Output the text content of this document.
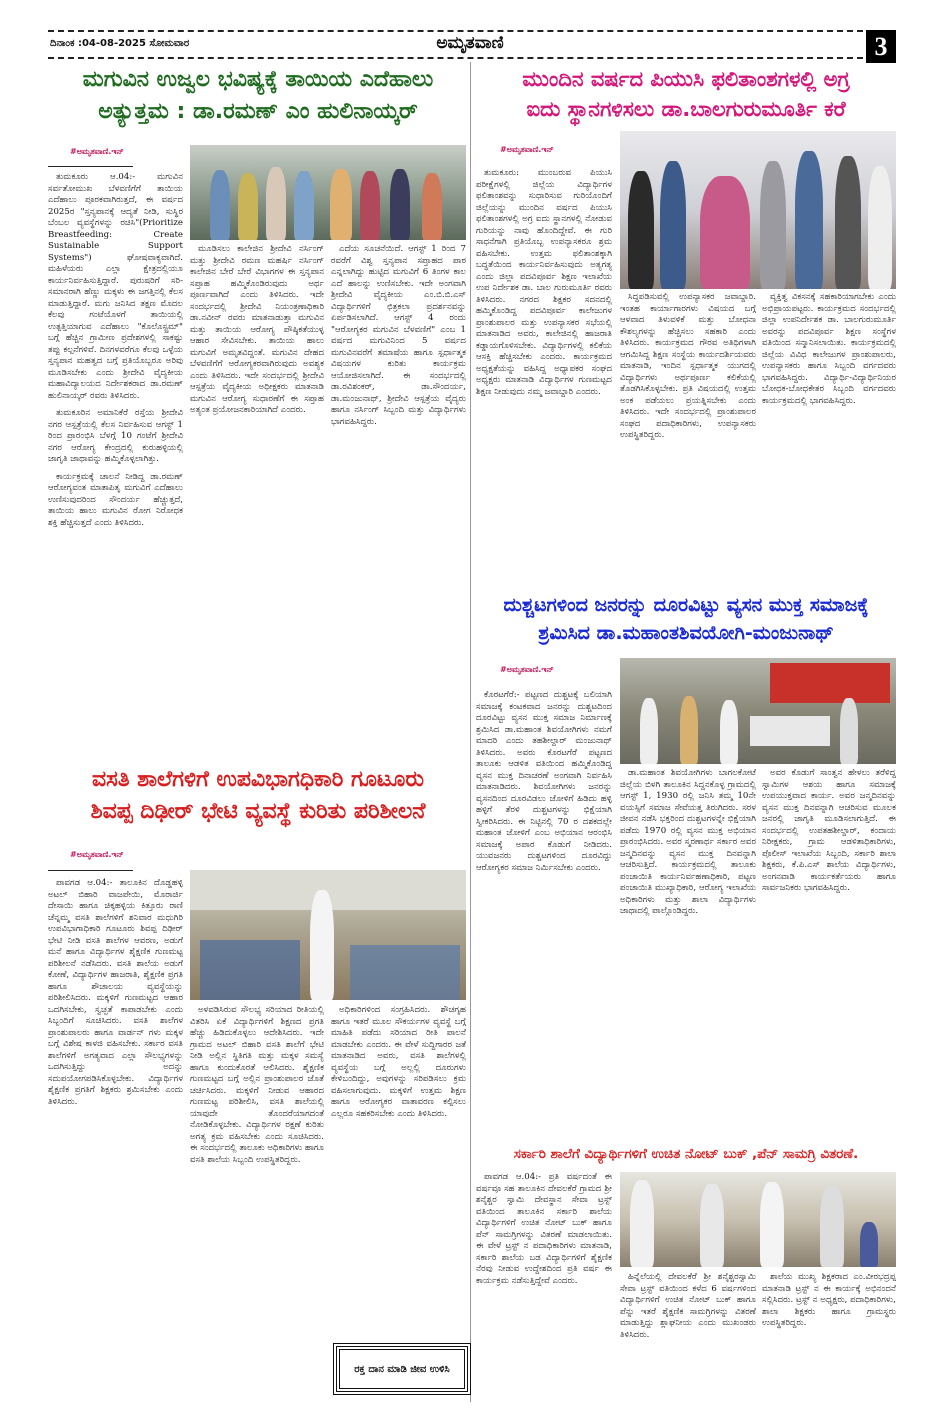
ದಿನಾಂಕ :04-08-2025 ಸೋಮವಾರ	ಅಮೃತವಾಣಿ	3
ಮಗುವಿನ ಉಜ್ವಲ ಭವಿಷ್ಯಕ್ಕೆ ತಾಯಿಯ ಎದೆಹಾಲು
ಅತ್ಯುತ್ತಮ : ಡಾ.ರಮಣ್ ಎಂ ಹುಲಿನಾಯ್ಕರ್
#ಅಮೃತವಾಣಿ.ಇನ್

ತುಮಕೂರು ಆ.04:- ಮಗುವಿನ ಸರ್ವತೋಮುಖ ಬೆಳವಣಿಗೆಗೆ ತಾಯಿಯ ಎದೆಹಾಲು ಪೂರಕವಾಗಿರುತ್ತದೆ, ಈ ವರ್ಷದ 2025ರ "ಸ್ತನ್ಯಪಾನಕ್ಕೆ ಆದ್ಯತೆ ನೀಡಿ, ಸುಸ್ಥಿರ ಬೆಂಬಲ ವ್ಯವಸ್ಥೆಗಳನ್ನು ರಚಿಸಿ"(Prioritize Breastfeeding: Create Sustainable Support Systems") ಘೋಷವಾಕ್ಯವಾಗಿದೆ. ಮಹಿಳೆಯರು ಎಲ್ಲಾ ಕ್ಷೇತ್ರದಲ್ಲಿಯೂ ಕಾರ್ಯನಿರ್ವಹಿಸುತ್ತಿದ್ದಾರೆ. ಪುರುಷರಿಗೆ ಸರಿ-ಸಮಾನರಾಗಿ ಹೆಣ್ಣು ಮಕ್ಕಳು ಈ ಜಗತ್ತಿನಲ್ಲಿ ಕೆಲಸ ಮಾಡುತ್ತಿದ್ದಾರೆ. ಮಗು ಜನಿಸಿದ ತಕ್ಷಣ ಮೊದಲ ಕೆಲವು ಗಂಟೆಯೊಳಗೆ ತಾಯಿಯಲ್ಲಿ ಉತ್ಪತ್ತಿಯಾಗುವ ಎದೆಹಾಲು "ಕೊಲೊಸ್ಟ್ರಮ್" ಬಗ್ಗೆ ಹೆಚ್ಚಿನ ಗ್ರಾಮೀಣ ಪ್ರದೇಶಗಳಲ್ಲಿ ಸಾಕಷ್ಟು ತಪ್ಪು ಕಲ್ಪನೆಗಳಿವೆ. ದಿನಗಳವರೆಗೂ ಕೆಲವು ಒಳ್ಳೆಯ ಸ್ತನ್ಯಪಾನ ಮಹತ್ವದ ಬಗ್ಗೆ ಪ್ರತಿಯೊಬ್ಬರೂ ಅರಿವು ಮೂಡಿಸಬೇಕು ಎಂದು ಶ್ರೀದೇವಿ ವೈದ್ಯಕೀಯ ಮಹಾವಿದ್ಯಾಲಯದ ನಿರ್ದೇಶಕರಾದ ಡಾ.ರಮಣ್ ಹುಲಿನಾಯ್ಕರ್ ರವರು ತಿಳಿಸಿದರು.

ತುಮಕೂರಿನ ಅಮಾನಿಕೆರೆ ರಸ್ತೆಯ ಶ್ರೀದೇವಿ ನಗರ ಆಸ್ಪತ್ರೆಯಲ್ಲಿ ಕೆಲಸ ನಿರ್ವಹಿಸುವ ಆಗಸ್ಟ್ 1 ರಿಂದ ಪ್ರಾರಂಭಿಸಿ ಬೆಳಗ್ಗೆ 10 ಗಂಟೆಗೆ ಶ್ರೀದೇವಿ ನಗರ ಆರೋಗ್ಯ ಕೇಂದ್ರದಲ್ಲಿ ಕುರುಹಳ್ಳಿಯಲ್ಲಿ ಜಾಗೃತಿ ಜಾಥಾವನ್ನು ಹಮ್ಮಿಕೊಳ್ಳಲಾಗಿತ್ತು.

ಕಾರ್ಯಕ್ರಮಕ್ಕೆ ಚಾಲನೆ ನೀಡಿದ್ದ ಡಾ.ರಮಣ್ ಆರೋಗ್ಯವಂತ ಮಾತಾಪಿತೃ ಮಗುವಿಗೆ ಎದೆಹಾಲು ಉಣಿಸುವುದರಿಂದ ಸೌಂದರ್ಯ ಹೆಚ್ಚುತ್ತದೆ, ತಾಯಿಯ ಹಾಲು ಮಗುವಿನ ರೋಗ ನಿರೋಧಕ ಶಕ್ತಿ ಹೆಚ್ಚಿಸುತ್ತದೆ ಎಂದು ತಿಳಿಸಿದರು.

ಮೂಡಿಸಲು ಕಾಲೇಜಿನ ಶ್ರೀದೇವಿ ನರ್ಸಿಂಗ್ ಮತ್ತು ಶ್ರೀದೇವಿ ರಮಣ ಮಹರ್ಷಿ ನರ್ಸಿಂಗ್ ಕಾಲೇಜಿನ ಬೇರೆ ಬೇರೆ ವಿಭಾಗಗಳ ಈ ಸ್ತನ್ಯಪಾನ ಸಪ್ತಾಹ ಹಮ್ಮಿಕೊಂಡಿರುವುದು ಅರ್ಥ ಪೂರ್ಣವಾಗಿದೆ ಎಂದು ತಿಳಿಸಿದರು. ಇದೇ ಸಂದರ್ಭದಲ್ಲಿ ಶ್ರೀದೇವಿ ನಿಯಂತ್ರಣಾಧಿಕಾರಿ ಡಾ.ನವೀನ್ ರವರು ಮಾತನಾಡುತ್ತಾ ಮಗುವಿನ ಮತ್ತು ತಾಯಿಯ ಆರೋಗ್ಯ ಪೌಷ್ಠಿಕತೆಯುಳ್ಳ ಆಹಾರ ಸೇವಿಸಬೇಕು. ತಾಯಿಯ ಹಾಲು ಮಗುವಿಗೆ ಅಮೃತವಿದ್ದಂತೆ. ಮಗುವಿನ ದೇಹದ ಬೆಳವಣಿಗೆಗೆ ಆರೋಗ್ಯಕರವಾಗಿರುವುದು ಅವಶ್ಯಕ ಎಂದು ತಿಳಿಸಿದರು. ಇದೇ ಸಂದರ್ಭದಲ್ಲಿ ಶ್ರೀದೇವಿ ಆಸ್ಪತ್ರೆಯ ವೈದ್ಯಕೀಯ ಅಧೀಕ್ಷಕರು ಮಾತನಾಡಿ ಮಗುವಿನ ಆರೋಗ್ಯ ಸುಧಾರಣೆಗೆ ಈ ಸಪ್ತಾಹ ಅತ್ಯಂತ ಪ್ರಯೋಜನಕಾರಿಯಾಗಿದೆ ಎಂದರು.

ಎದೆಯ ಸೂಚನೆಯಿದೆ. ಆಗಸ್ಟ್ 1 ರಿಂದ 7 ರವರೆಗೆ ವಿಶ್ವ ಸ್ತನ್ಯಪಾನ ಸಪ್ತಾಹದ ಪಾಠ ಎನ್ನಲಾಗಿದ್ದು ಹುಟ್ಟಿದ ಮಗುವಿಗೆ 6 ತಿಂಗಳ ಕಾಲ ಎದೆ ಹಾಲನ್ನು ಉಣಿಸಬೇಕು. ಇದೇ ಅಂಗವಾಗಿ ಶ್ರೀದೇವಿ ವೈದ್ಯಕೀಯ ಎಂ.ಬಿ.ಬಿ.ಎಸ್ ವಿದ್ಯಾರ್ಥಿಗಳಿಗೆ ಛಿತ್ರಕಲಾ ಪ್ರದರ್ಶನವನ್ನು ಏರ್ಪಡಿಸಲಾಗಿದೆ. ಆಗಸ್ಟ್ 4 ರಂದು "ಆರೋಗ್ಯಕರ ಮಗುವಿನ ಬೆಳವಣಿಗೆ" ಎಂಬ 1 ವರ್ಷದ ಮಗುವಿನಿಂದ 5 ವರ್ಷದ ಮಗುವಿನವರೆಗೆ ತಮಾಷೆಯ ಹಾಗೂ ಸ್ಪರ್ಧಾತ್ಮಕ ವಿಷಯಗಳ ಕುರಿತು ಕಾರ್ಯಕ್ರಮ ಆಯೋಜಿಸಲಾಗಿದೆ. ಈ ಸಂದರ್ಭದಲ್ಲಿ ಡಾ.ರವಿಶಂಕರ್, ಡಾ.ಸೌಂದರ್ಯ, ಡಾ.ಮಂಜುನಾಥ್, ಶ್ರೀದೇವಿ ಆಸ್ಪತ್ರೆಯ ವೈದ್ಯರು ಹಾಗೂ ನರ್ಸಿಂಗ್ ಸಿಬ್ಬಂದಿ ಮತ್ತು ವಿದ್ಯಾರ್ಥಿಗಳು ಭಾಗವಹಿಸಿದ್ದರು.

ಮುಂದಿನ ವರ್ಷದ ಪಿಯುಸಿ ಫಲಿತಾಂಶಗಳಲ್ಲಿ ಅಗ್ರ
ಐದು ಸ್ಥಾನಗಳಿಸಲು ಡಾ.ಬಾಲಗುರುಮೂರ್ತಿ ಕರೆ
#ಅಮೃತವಾಣಿ.ಇನ್

ತುಮಕೂರು: ಮುಂಬರುವ ಪಿಯುಸಿ ಪರೀಕ್ಷೆಗಳಲ್ಲಿ ಜಿಲ್ಲೆಯ ವಿದ್ಯಾರ್ಥಿಗಳ ಫಲಿತಾಂಶವನ್ನು ಸುಧಾರಿಸುವ ಗುರಿಯೊಂದಿಗೆ ಜಿಲ್ಲೆಯನ್ನು ಮುಂದಿನ ವರ್ಷದ ಪಿಯುಸಿ ಫಲಿತಾಂಶಗಳಲ್ಲಿ ಅಗ್ರ ಐದು ಸ್ಥಾನಗಳಲ್ಲಿ ನೋಡುವ ಗುರಿಯನ್ನು ನಾವು ಹೊಂದಿದ್ದೇವೆ. ಈ ಗುರಿ ಸಾಧನೆಗಾಗಿ ಪ್ರತಿಯೊಬ್ಬ ಉಪನ್ಯಾಸಕರೂ ಶ್ರಮ ವಹಿಸಬೇಕು. ಉತ್ತಮ ಫಲಿತಾಂಶಕ್ಕಾಗಿ ಬದ್ಧತೆಯಿಂದ ಕಾರ್ಯನಿರ್ವಹಿಸುವುದು ಅತ್ಯಗತ್ಯ ಎಂದು ಜಿಲ್ಲಾ ಪದವಿಪೂರ್ವ ಶಿಕ್ಷಣ ಇಲಾಖೆಯ ಉಪ ನಿರ್ದೇಶಕ ಡಾ. ಬಾಲ ಗುರುಮೂರ್ತಿ ರವರು ತಿಳಿಸಿದರು. ನಗರದ ಶಿಕ್ಷಕರ ಸದನದಲ್ಲಿ ಹಮ್ಮಿಕೊಂಡಿದ್ದ ಪದವಿಪೂರ್ವ ಕಾಲೇಜುಗಳ ಪ್ರಾಂಶುಪಾಲರ ಮತ್ತು ಉಪನ್ಯಾಸಕರ ಸಭೆಯಲ್ಲಿ ಮಾತನಾಡಿದ ಅವರು, ಕಾಲೇಜಿನಲ್ಲಿ ಹಾಜರಾತಿ ಕಡ್ಡಾಯಗೊಳಿಸಬೇಕು. ವಿದ್ಯಾರ್ಥಿಗಳಲ್ಲಿ ಕಲಿಕೆಯ ಆಸಕ್ತಿ ಹೆಚ್ಚಿಸಬೇಕು ಎಂದರು. ಕಾರ್ಯಕ್ರಮದ ಅಧ್ಯಕ್ಷತೆಯನ್ನು ವಹಿಸಿದ್ದ ಅಧ್ಯಾಪಕರ ಸಂಘದ ಅಧ್ಯಕ್ಷರು ಮಾತನಾಡಿ ವಿದ್ಯಾರ್ಥಿಗಳ ಗುಣಮಟ್ಟದ ಶಿಕ್ಷಣ ನೀಡುವುದು ನಮ್ಮ ಜವಾಬ್ದಾರಿ ಎಂದರು.

ಸಿದ್ಧಪಡಿಸುವಲ್ಲಿ ಉಪನ್ಯಾಸಕರ ಜವಾಬ್ದಾರಿ. ಇಂತಹ ಕಾರ್ಯಾಗಾರಗಳು ವಿಷಯದ ಬಗ್ಗೆ ಆಳವಾದ ತಿಳುವಳಿಕೆ ಮತ್ತು ಬೋಧನಾ ಕೌಶಲ್ಯಗಳನ್ನು ಹೆಚ್ಚಿಸಲು ಸಹಕಾರಿ ಎಂದು ತಿಳಿಸಿದರು. ಕಾರ್ಯಕ್ರಮದ ಗೌರವ ಅತಿಥಿಗಳಾಗಿ ಆಗಮಿಸಿದ್ದ ಶಿಕ್ಷಣ ಸಂಸ್ಥೆಯ ಕಾರ್ಯದರ್ಶಿಯವರು ಮಾತನಾಡಿ, ಇಂದಿನ ಸ್ಪರ್ಧಾತ್ಮಕ ಯುಗದಲ್ಲಿ ವಿದ್ಯಾರ್ಥಿಗಳು ಅರ್ಥಪೂರ್ಣ ಕಲಿಕೆಯಲ್ಲಿ ತೊಡಗಿಸಿಕೊಳ್ಳಬೇಕು. ಪ್ರತಿ ವಿಷಯದಲ್ಲಿ ಉತ್ತಮ ಅಂಕ ಪಡೆಯಲು ಪ್ರಯತ್ನಿಸಬೇಕು ಎಂದು ತಿಳಿಸಿದರು. ಇದೇ ಸಂದರ್ಭದಲ್ಲಿ ಪ್ರಾಂಶುಪಾಲರ ಸಂಘದ ಪದಾಧಿಕಾರಿಗಳು, ಉಪನ್ಯಾಸಕರು ಉಪಸ್ಥಿತರಿದ್ದರು.

ವ್ಯಕ್ತಿತ್ವ ವಿಕಸನಕ್ಕೆ ಸಹಕಾರಿಯಾಗಬೇಕು ಎಂದು ಅಭಿಪ್ರಾಯಪಟ್ಟರು. ಕಾರ್ಯಕ್ರಮದ ಸಂದರ್ಭದಲ್ಲಿ ಜಿಲ್ಲಾ ಉಪನಿರ್ದೇಶಕ ಡಾ. ಬಾಲಗುರುಮೂರ್ತಿ ಅವರನ್ನು ಪದವಿಪೂರ್ವ ಶಿಕ್ಷಣ ಸಂಸ್ಥೆಗಳ ವತಿಯಿಂದ ಸನ್ಮಾನಿಸಲಾಯಿತು. ಕಾರ್ಯಕ್ರಮದಲ್ಲಿ ಜಿಲ್ಲೆಯ ವಿವಿಧ ಕಾಲೇಜುಗಳ ಪ್ರಾಂಶುಪಾಲರು, ಉಪನ್ಯಾಸಕರು ಹಾಗೂ ಸಿಬ್ಬಂದಿ ವರ್ಗದವರು ಭಾಗವಹಿಸಿದ್ದರು. ವಿದ್ಯಾರ್ಥಿ-ವಿದ್ಯಾರ್ಥಿನಿಯರ ಬೋಧಕ-ಬೋಧಕೇತರ ಸಿಬ್ಬಂದಿ ವರ್ಗದವರು ಕಾರ್ಯಕ್ರಮದಲ್ಲಿ ಭಾಗವಹಿಸಿದ್ದರು.

ದುಶ್ಚಟಗಳಿಂದ ಜನರನ್ನು ದೂರವಿಟ್ಟು ವ್ಯಸನ ಮುಕ್ತ ಸಮಾಜಕ್ಕೆ
ಶ್ರಮಿಸಿದ ಡಾ.ಮಹಾಂತಶಿವಯೋಗಿ-ಮಂಜುನಾಥ್
#ಅಮೃತವಾಣಿ.ಇನ್

ಕೊರಟಗೆರೆ:- ಪಟ್ಟಣದ ದುಶ್ಚಟಕ್ಕೆ ಬಲಿಯಾಗಿ ಸಮಾಜಕ್ಕೆ ಕಂಟಕವಾದ ಜನರನ್ನು ದುಶ್ಚಟದಿಂದ ದೂರವಿಟ್ಟು ವ್ಯಸನ ಮುಕ್ತ ಸಮಾಜ ನಿರ್ಮಾಣಕ್ಕೆ ಶ್ರಮಿಸಿದ ಡಾ.ಮಹಾಂತ ಶಿವಯೋಗಿಗಳು ನಮಗೆ ಮಾದರಿ ಎಂದು ತಹಶೀಲ್ದಾರ್ ಮಂಜುನಾಥ್ ತಿಳಿಸಿದರು. ಅವರು ಕೊರಟಗೆರೆ ಪಟ್ಟಣದ ತಾಲೂಕು ಆಡಳಿತ ವತಿಯಿಂದ ಹಮ್ಮಿಕೊಂಡಿದ್ದ ವ್ಯಸನ ಮುಕ್ತ ದಿನಾಚರಣೆ ಅಂಗವಾಗಿ ನಿರ್ವಹಿಸಿ ಮಾತನಾಡಿದರು. ಶಿವಯೋಗಿಗಳು ಜನರನ್ನು ವ್ಯಸನದಿಂದ ದೂರವಿಡಲು ಜೋಳಿಗೆ ಹಿಡಿದು ಹಳ್ಳಿ ಹಳ್ಳಿಗೆ ತೆರಳಿ ದುಶ್ಚಟಗಳನ್ನು ಭಿಕ್ಷೆಯಾಗಿ ಸ್ವೀಕರಿಸಿದರು. ಈ ನಿಟ್ಟಿನಲ್ಲಿ 70 ರ ದಶಕದಲ್ಲೇ ಮಹಾಂತ ಜೋಳಿಗೆ ಎಂಬ ಅಭಿಯಾನ ಆರಂಭಿಸಿ ಸಮಾಜಕ್ಕೆ ಅಪಾರ ಕೊಡುಗೆ ನೀಡಿದರು. ಯುವಜನರು ದುಶ್ಚಟಗಳಿಂದ ದೂರವಿದ್ದು ಆರೋಗ್ಯಕರ ಸಮಾಜ ನಿರ್ಮಿಸಬೇಕು ಎಂದರು.

ಡಾ.ಮಹಾಂತ ಶಿವಯೋಗಿಗಳು ಬಾಗಲಕೋಟೆ ಜಿಲ್ಲೆಯ ಬಿಳಗಿ ತಾಲೂಕಿನ ಸಿದ್ದನಕೊಳ್ಳ ಗ್ರಾಮದಲ್ಲಿ ಆಗಸ್ಟ್ 1, 1930 ರಲ್ಲಿ ಜನಿಸಿ ತಮ್ಮ 10ನೇ ವಯಸ್ಸಿಗೆ ಸಮಾಜ ಸೇವೆಯತ್ತ ತಿರುಗಿದರು. ಸರಳ ಜೀವನ ನಡೆಸಿ ಭಕ್ತರಿಂದ ದುಶ್ಚಟಗಳನ್ನೇ ಭಿಕ್ಷೆಯಾಗಿ ಪಡೆದು 1970 ರಲ್ಲಿ ವ್ಯಸನ ಮುಕ್ತ ಅಭಿಯಾನ ಪ್ರಾರಂಭಿಸಿದರು. ಅವರ ಸ್ಮರಣಾರ್ಥ ಸರ್ಕಾರ ಅವರ ಜನ್ಮದಿನವನ್ನು ವ್ಯಸನ ಮುಕ್ತ ದಿನವನ್ನಾಗಿ ಆಚರಿಸುತ್ತಿದೆ. ಕಾರ್ಯಕ್ರಮದಲ್ಲಿ ತಾಲೂಕು ಪಂಚಾಯಿತಿ ಕಾರ್ಯನಿರ್ವಹಣಾಧಿಕಾರಿ, ಪಟ್ಟಣ ಪಂಚಾಯಿತಿ ಮುಖ್ಯಾಧಿಕಾರಿ, ಆರೋಗ್ಯ ಇಲಾಖೆಯ ಅಧಿಕಾರಿಗಳು ಮತ್ತು ಶಾಲಾ ವಿದ್ಯಾರ್ಥಿಗಳು ಜಾಥಾದಲ್ಲಿ ಪಾಲ್ಗೊಂಡಿದ್ದರು.

ಅವರ ಕೊಡುಗೆ ಸಾಂತ್ವನ ಹೇಳಲು ತರೆಳಿದ್ದ ಸ್ವಾಮಿಗಳ ಆಶಯ ಹಾಗೂ ಸಮಾಜಕ್ಕೆ ಉಪಯುಕ್ತವಾದ ಕಾರ್ಯ. ಅವರ ಜನ್ಮದಿನವನ್ನು ವ್ಯಸನ ಮುಕ್ತ ದಿನವನ್ನಾಗಿ ಆಚರಿಸುವ ಮೂಲಕ ಜನರಲ್ಲಿ ಜಾಗೃತಿ ಮೂಡಿಸಲಾಗುತ್ತಿದೆ. ಈ ಸಂದರ್ಭದಲ್ಲಿ ಉಪತಹಶೀಲ್ದಾರ್, ಕಂದಾಯ ನಿರೀಕ್ಷಕರು, ಗ್ರಾಮ ಆಡಳಿತಾಧಿಕಾರಿಗಳು, ಪೊಲೀಸ್ ಇಲಾಖೆಯ ಸಿಬ್ಬಂದಿ, ಸರ್ಕಾರಿ ಶಾಲಾ ಶಿಕ್ಷಕರು, ಕೆ.ಪಿ.ಎಸ್ ಶಾಲೆಯ ವಿದ್ಯಾರ್ಥಿಗಳು, ಅಂಗನವಾಡಿ ಕಾರ್ಯಕರ್ತೆಯರು ಹಾಗೂ ಸಾರ್ವಜನಿಕರು ಭಾಗವಹಿಸಿದ್ದರು.

ವಸತಿ ಶಾಲೆಗಳಿಗೆ ಉಪವಿಭಾಗಧಿಕಾರಿ ಗೂಟೂರು
ಶಿವಪ್ಪ ದಿಢೀರ್ ಭೇಟಿ ವ್ಯವಸ್ಥೆ ಕುರಿತು ಪರಿಶೀಲನೆ
#ಅಮೃತವಾಣಿ.ಇನ್

ಪಾವಗಡ ಆ.04:- ತಾಲೂಕಿನ ದೊಡ್ಡಹಳ್ಳಿ ಅಟಲ್ ಬಿಹಾರಿ ವಾಜಪೇಯಿ, ಮೊರಾರ್ಜಿ ದೇಸಾಯಿ ಹಾಗೂ ಚಿಕ್ಕಹಳ್ಳಿಯ ಕಿತ್ತೂರು ರಾಣಿ ಚೆನ್ನಮ್ಮ ವಸತಿ ಶಾಲೆಗಳಿಗೆ ಶನಿವಾರ ಮಧುಗಿರಿ ಉಪವಿಭಾಗಾಧಿಕಾರಿ ಗೂಟೂರು ಶಿವಪ್ಪ ದಿಢೀರ್ ಭೇಟಿ ನೀಡಿ ವಸತಿ ಶಾಲೆಗಳ ಆವರಣ, ಅಡುಗೆ ಮನೆ ಹಾಗೂ ವಿದ್ಯಾರ್ಥಿಗಳ ಶೈಕ್ಷಣಿಕ ಗುಣಮಟ್ಟ ಪರಿಶೀಲನೆ ನಡೆಸಿದರು. ವಸತಿ ಶಾಲೆಯ ಅಡುಗೆ ಕೋಣೆ, ವಿದ್ಯಾರ್ಥಿಗಳ ಹಾಜರಾತಿ, ಶೈಕ್ಷಣಿಕ ಪ್ರಗತಿ ಹಾಗೂ ಶೌಚಾಲಯ ವ್ಯವಸ್ಥೆಯನ್ನು ಪರಿಶೀಲಿಸಿದರು. ಮಕ್ಕಳಿಗೆ ಗುಣಮಟ್ಟದ ಆಹಾರ ಒದಗಿಸಬೇಕು, ಸ್ವಚ್ಛತೆ ಕಾಪಾಡಬೇಕು ಎಂದು ಸಿಬ್ಬಂದಿಗೆ ಸೂಚಿಸಿದರು. ವಸತಿ ಶಾಲೆಗಳ ಪ್ರಾಂಶುಪಾಲರು ಹಾಗೂ ವಾರ್ಡನ್ ಗಳು ಮಕ್ಕಳ ಬಗ್ಗೆ ವಿಶೇಷ ಕಾಳಜಿ ವಹಿಸಬೇಕು. ಸರ್ಕಾರ ವಸತಿ ಶಾಲೆಗಳಿಗೆ ಅಗತ್ಯವಾದ ಎಲ್ಲಾ ಸೌಲಭ್ಯಗಳನ್ನು ಒದಗಿಸುತ್ತಿದ್ದು ಅದನ್ನು ಸದುಪಯೋಗಪಡಿಸಿಕೊಳ್ಳಬೇಕು. ವಿದ್ಯಾರ್ಥಿಗಳ ಶೈಕ್ಷಣಿಕ ಪ್ರಗತಿಗೆ ಶಿಕ್ಷಕರು ಶ್ರಮಿಸಬೇಕು ಎಂದು ತಿಳಿಸಿದರು.

ಅಳವಡಿಸಿರುವ ಸೌಲಭ್ಯ ಸರಿಯಾದ ರೀತಿಯಲ್ಲಿ ವಿತರಿಸಿ ಏಕೆ ವಿದ್ಯಾರ್ಥಿಗಳಿಗೆ ಶಿಕ್ಷಣದ ಪ್ರಗತಿ ಹೆಚ್ಚು ಹಿಡಿದುಕೊಳ್ಳಲು ಆದೇಶಿಸಿದರು. ಇದೇ ಗ್ರಾಮದ ಅಟಲ್ ಬಿಹಾರಿ ವಸತಿ ಶಾಲೆಗೆ ಭೇಟಿ ನೀಡಿ ಅಲ್ಲಿನ ಸ್ಥಿತಿಗತಿ ಮತ್ತು ಮಕ್ಕಳ ಸಮಸ್ಯೆ ಹಾಗೂ ಕುಂದುಕೊರತೆ ಆಲಿಸಿದರು. ಶೈಕ್ಷಣಿಕ ಗುಣಮಟ್ಟದ ಬಗ್ಗೆ ಅಲ್ಲಿನ ಪ್ರಾಂಶುಪಾಲರ ಜೊತೆ ಚರ್ಚಿಸಿದರು. ಮಕ್ಕಳಿಗೆ ನೀಡುವ ಆಹಾರದ ಗುಣಮಟ್ಟ ಪರಿಶೀಲಿಸಿ, ವಸತಿ ಶಾಲೆಯಲ್ಲಿ ಯಾವುದೇ ತೊಂದರೆಯಾಗದಂತೆ ನೋಡಿಕೊಳ್ಳಬೇಕು. ವಿದ್ಯಾರ್ಥಿಗಳ ರಕ್ಷಣೆ ಕುರಿತು ಅಗತ್ಯ ಕ್ರಮ ವಹಿಸಬೇಕು ಎಂದು ಸೂಚಿಸಿದರು. ಈ ಸಂದರ್ಭದಲ್ಲಿ ತಾಲೂಕು ಅಧಿಕಾರಿಗಳು ಹಾಗೂ ವಸತಿ ಶಾಲೆಯ ಸಿಬ್ಬಂದಿ ಉಪಸ್ಥಿತರಿದ್ದರು.

ಅಧಿಕಾರಿಗಳಿಂದ ಸಂಗ್ರಹಿಸಿದರು. ಶೌಚಗೃಹ ಹಾಗೂ ಇತರೆ ಮೂಲ ಸೌಕರ್ಯಗಳ ವ್ಯವಸ್ಥೆ ಬಗ್ಗೆ ಮಾಹಿತಿ ಪಡೆದು ಸರಿಯಾದ ರೀತಿ ಪಾಲನೆ ಮಾಡಬೇಕು ಎಂದರು. ಈ ವೇಳೆ ಸುದ್ದಿಗಾರರ ಜತೆ ಮಾತನಾಡಿದ ಅವರು, ವಸತಿ ಶಾಲೆಗಳಲ್ಲಿ ವ್ಯವಸ್ಥೆಯ ಬಗ್ಗೆ ಅಲ್ಲಲ್ಲಿ ದೂರುಗಳು ಕೇಳಿಬಂದಿದ್ದು, ಅವುಗಳನ್ನು ಸರಿಪಡಿಸಲು ಕ್ರಮ ವಹಿಸಲಾಗುವುದು. ಮಕ್ಕಳಿಗೆ ಉತ್ತಮ ಶಿಕ್ಷಣ ಹಾಗೂ ಆರೋಗ್ಯಕರ ವಾತಾವರಣ ಕಲ್ಪಿಸಲು ಎಲ್ಲರೂ ಸಹಕರಿಸಬೇಕು ಎಂದು ತಿಳಿಸಿದರು.

ರಕ್ತ ದಾನ ಮಾಡಿ ಜೀವ ಉಳಿಸಿ
ಸರ್ಕಾರಿ ಶಾಲೆಗೆ ವಿದ್ಯಾರ್ಥಿಗಳಿಗೆ ಉಚಿತ ನೋಟ್ ಬುಕ್ ,ಪೆನ್ ಸಾಮಗ್ರಿ ವಿತರಣೆ.

ಪಾವಗಡ ಆ.04:- ಪ್ರತಿ ವರ್ಷದಂತೆ ಈ ವರ್ಷವೂ ಸಹ ತಾಲೂಕಿನ ದೇವಲಕೆರೆ ಗ್ರಾಮದ ಶ್ರೀ ಶನೈಶ್ಚರ ಸ್ವಾಮಿ ದೇವಸ್ಥಾನ ಸೇವಾ ಟ್ರಸ್ಟ್ ವತಿಯಿಂದ ತಾಲೂಕಿನ ಸರ್ಕಾರಿ ಶಾಲೆಯ ವಿದ್ಯಾರ್ಥಿಗಳಿಗೆ ಉಚಿತ ನೋಟ್ ಬುಕ್ ಹಾಗೂ ಪೆನ್ ಸಾಮಗ್ರಿಗಳನ್ನು ವಿತರಣೆ ಮಾಡಲಾಯಿತು. ಈ ವೇಳೆ ಟ್ರಸ್ಟ್ ನ ಪದಾಧಿಕಾರಿಗಳು ಮಾತನಾಡಿ, ಸರ್ಕಾರಿ ಶಾಲೆಯ ಬಡ ವಿದ್ಯಾರ್ಥಿಗಳಿಗೆ ಶೈಕ್ಷಣಿಕ ನೆರವು ನೀಡುವ ಉದ್ದೇಶದಿಂದ ಪ್ರತಿ ವರ್ಷ ಈ ಕಾರ್ಯಕ್ರಮ ನಡೆಸುತ್ತಿದ್ದೇವೆ ಎಂದರು.	ಹಿನ್ನೆಲೆಯಲ್ಲಿ ದೇವಲಕೆರೆ ಶ್ರೀ ಶನೈಶ್ಚರಸ್ವಾಮಿ ಸೇವಾ ಟ್ರಸ್ಟ್ ವತಿಯಿಂದ ಕಳೆದ 6 ವರ್ಷಗಳಿಂದ ವಿದ್ಯಾರ್ಥಿಗಳಿಗೆ ಉಚಿತ ನೋಟ್ ಬುಕ್ ಹಾಗೂ ಪೆನ್ನು ಇತರೆ ಶೈಕ್ಷಣಿಕ ಸಾಮಗ್ರಿಗಳನ್ನು ವಿತರಣೆ ಮಾಡುತ್ತಿದ್ದು ಶ್ಲಾಘನೀಯ ಎಂದು ಮುಖಂಡರು ತಿಳಿಸಿದರು.

ಶಾಲೆಯ ಮುಖ್ಯ ಶಿಕ್ಷಕರಾದ ಎಂ.ವೀರಭದ್ರಪ್ಪ ಮಾತನಾಡಿ ಟ್ರಸ್ಟ್ ನ ಈ ಕಾರ್ಯಕ್ಕೆ ಅಭಿನಂದನೆ ಸಲ್ಲಿಸಿದರು. ಟ್ರಸ್ಟ್ ನ ಅಧ್ಯಕ್ಷರು, ಪದಾಧಿಕಾರಿಗಳು, ಶಾಲಾ ಶಿಕ್ಷಕರು ಹಾಗೂ ಗ್ರಾಮಸ್ಥರು ಉಪಸ್ಥಿತರಿದ್ದರು.
